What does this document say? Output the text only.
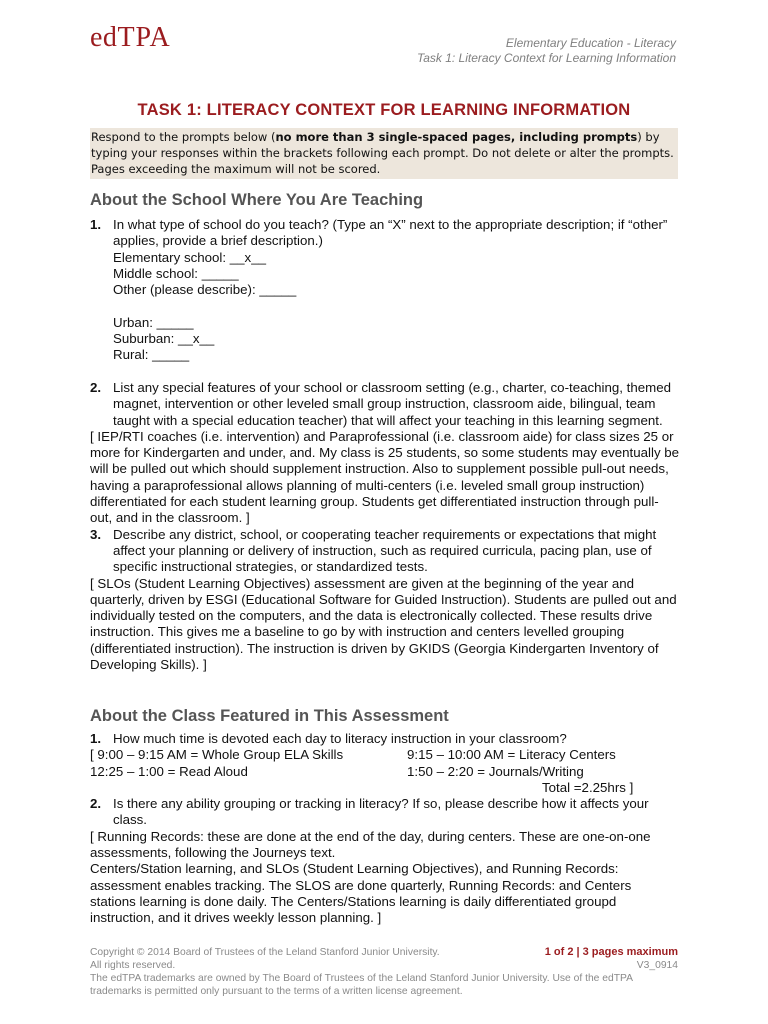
edTPA	Elementary Education - Literacy
Task 1: Literacy Context for Learning Information
TASK 1: LITERACY CONTEXT FOR LEARNING INFORMATION
Respond to the prompts below (no more than 3 single-spaced pages, including prompts) by typing your responses within the brackets following each prompt. Do not delete or alter the prompts. Pages exceeding the maximum will not be scored.
About the School Where You Are Teaching
1. In what type of school do you teach? (Type an “X” next to the appropriate description; if “other” applies, provide a brief description.)
Elementary school: __x__
Middle school: _____
Other (please describe): _____
Urban: _____
Suburban: __x__
Rural: _____
2. List any special features of your school or classroom setting (e.g., charter, co-teaching, themed magnet, intervention or other leveled small group instruction, classroom aide, bilingual, team taught with a special education teacher) that will affect your teaching in this learning segment.
[ IEP/RTI coaches (i.e. intervention) and Paraprofessional (i.e. classroom aide) for class sizes 25 or more for Kindergarten and under, and. My class is 25 students, so some students may eventually be will be pulled out which should supplement instruction. Also to supplement possible pull-out needs, having a paraprofessional allows planning of multi-centers (i.e. leveled small group instruction) differentiated for each student learning group. Students get differentiated instruction through pull-out, and in the classroom. ]
3. Describe any district, school, or cooperating teacher requirements or expectations that might affect your planning or delivery of instruction, such as required curricula, pacing plan, use of specific instructional strategies, or standardized tests.
[ SLOs (Student Learning Objectives) assessment are given at the beginning of the year and quarterly, driven by ESGI (Educational Software for Guided Instruction). Students are pulled out and individually tested on the computers, and the data is electronically collected. These results drive instruction. This gives me a baseline to go by with instruction and centers levelled grouping (differentiated instruction). The instruction is driven by GKIDS (Georgia Kindergarten Inventory of Developing Skills). ]
About the Class Featured in This Assessment
1. How much time is devoted each day to literacy instruction in your classroom?
[ 9:00 – 9:15 AM = Whole Group ELA Skills	9:15 – 10:00 AM = Literacy Centers
12:25 – 1:00 = Read Aloud	1:50 – 2:20 = Journals/Writing
Total =2.25hrs ]
2. Is there any ability grouping or tracking in literacy? If so, please describe how it affects your class.
[ Running Records: these are done at the end of the day, during centers. These are one-on-one assessments, following the Journeys text.
Centers/Station learning, and SLOs (Student Learning Objectives), and Running Records: assessment enables tracking. The SLOS are done quarterly, Running Records: and Centers stations learning is done daily. The Centers/Stations learning is daily differentiated groupd instruction, and it drives weekly lesson planning. ]
Copyright © 2014 Board of Trustees of the Leland Stanford Junior University.	1 of 2 | 3 pages maximum
All rights reserved.	V3_0914
The edTPA trademarks are owned by The Board of Trustees of the Leland Stanford Junior University. Use of the edTPA trademarks is permitted only pursuant to the terms of a written license agreement.
